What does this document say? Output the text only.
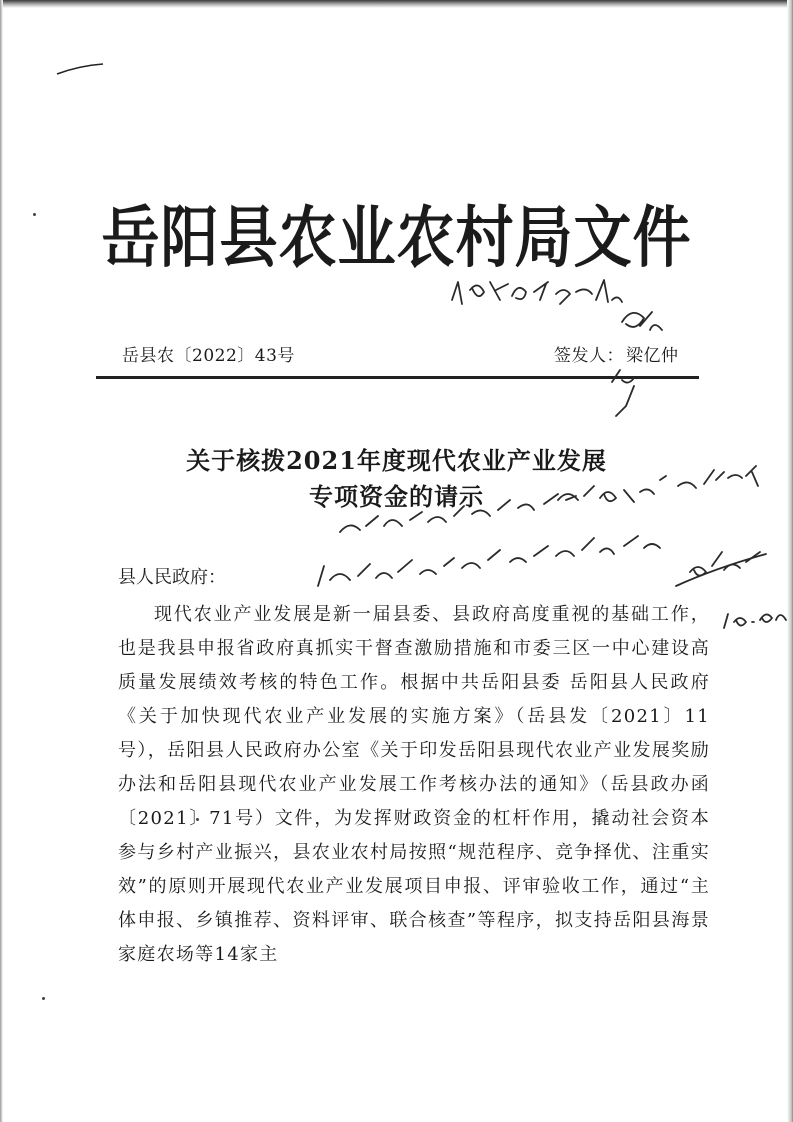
岳阳县农业农村局文件
岳县农〔2022〕43号	签发人： 梁亿仲
关于核拨2021年度现代农业产业发展
专项资金的请示
县人民政府：

现代农业产业发展是新一届县委、县政府高度重视的基础工作，也是我县申报省政府真抓实干督查激励措施和市委三区一中心建设高质量发展绩效考核的特色工作。根据中共岳阳县委 岳阳县人民政府《关于加快现代农业产业发展的实施方案》（岳县发〔2021〕11号），岳阳县人民政府办公室《关于印发岳阳县现代农业产业发展奖励办法和岳阳县现代农业产业发展工作考核办法的通知》（岳县政办函〔2021〕71号）文件，为发挥财政资金的杠杆作用，撬动社会资本参与乡村产业振兴，县农业农村局按照“规范程序、竞争择优、注重实效”的原则开展现代农业产业发展项目申报、评审验收工作，通过“主体申报、乡镇推荐、资料评审、联合核查”等程序，拟支持岳阳县海景家庭农场等14家主
